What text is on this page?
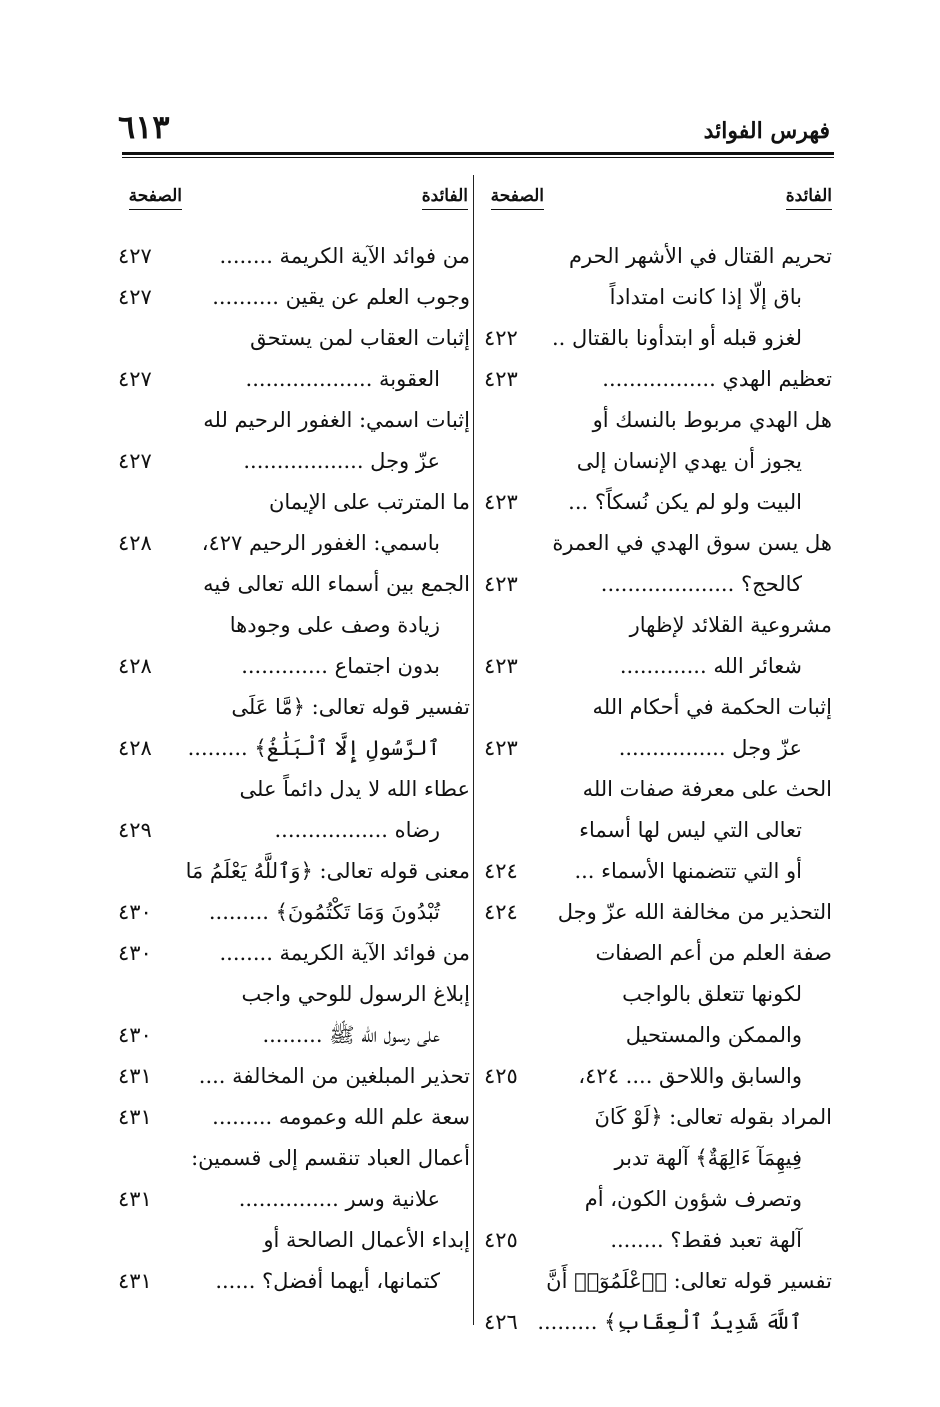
فهرس الفوائد
٦١٣
الفائدة
الصفحة
الفائدة
الصفحة
تحريم القتال في الأشهر الحرم
باق إلّا إذا كانت امتداداً
لغزو قبله أو ابتدأونا بالقتال ..
٤٢٢
تعظيم الهدي .................
٤٢٣
هل الهدي مربوط بالنسك أو
يجوز أن يهدي الإنسان إلى
البيت ولو لم يكن نُسكاً؟ ...
٤٢٣
هل يسن سوق الهدي في العمرة
كالحج؟ ....................
٤٢٣
مشروعية القلائد لإظهار
شعائر الله .............
٤٢٣
إثبات الحكمة في أحكام الله
عزّ وجل ................
٤٢٣
الحث على معرفة صفات الله
تعالى التي ليس لها أسماء
أو التي تتضمنها الأسماء ...
٤٢٤
التحذير من مخالفة الله عزّ وجل
٤٢٤
صفة العلم من أعم الصفات
لكونها تتعلق بالواجب
والممكن والمستحيل
والسابق واللاحق .... ٤٢٤،
٤٢٥
المراد بقوله تعالى: ﴿لَوْ كَانَ
فِيهِمَآ ءَالِهَةٌ﴾ آلهة تدبر
وتصرف شؤون الكون، أم
آلهة تعبد فقط؟ ........
٤٢٥
تفسير قوله تعالى: ﴿ٱعْلَمُوٓا۟ أَنَّ
ٱللَّهَ شَدِيدُ ٱلْعِقَابِ﴾ .........
٤٢٦
من فوائد الآية الكريمة ........
٤٢٧
وجوب العلم عن يقين ..........
٤٢٧
إثبات العقاب لمن يستحق
العقوبة ...................
٤٢٧
إثبات اسمي: الغفور الرحيم لله
عزّ وجل ..................
٤٢٧
ما المترتب على الإيمان
باسمي: الغفور الرحيم ٤٢٧،
٤٢٨
الجمع بين أسماء الله تعالى فيه
زيادة وصف على وجودها
بدون اجتماع .............
٤٢٨
تفسير قوله تعالى: ﴿مَّا عَلَى
ٱلرَّسُولِ إِلَّا ٱلْبَلَٰغُ﴾ .........
٤٢٨
عطاء الله لا يدل دائماً على
رضاه .................
٤٢٩
معنى قوله تعالى: ﴿وَٱللَّهُ يَعْلَمُ مَا
تُبْدُونَ وَمَا تَكْتُمُونَ﴾ .........
٤٣٠
من فوائد الآية الكريمة ........
٤٣٠
إبلاغ الرسول للوحي واجب
على رسول الله ﷺ .........
٤٣٠
تحذير المبلغين من المخالفة ....
٤٣١
سعة علم الله وعمومه .........
٤٣١
أعمال العباد تنقسم إلى قسمين:
علانية وسر ...............
٤٣١
إبداء الأعمال الصالحة أو
كتمانها، أيهما أفضل؟ ......
٤٣١
